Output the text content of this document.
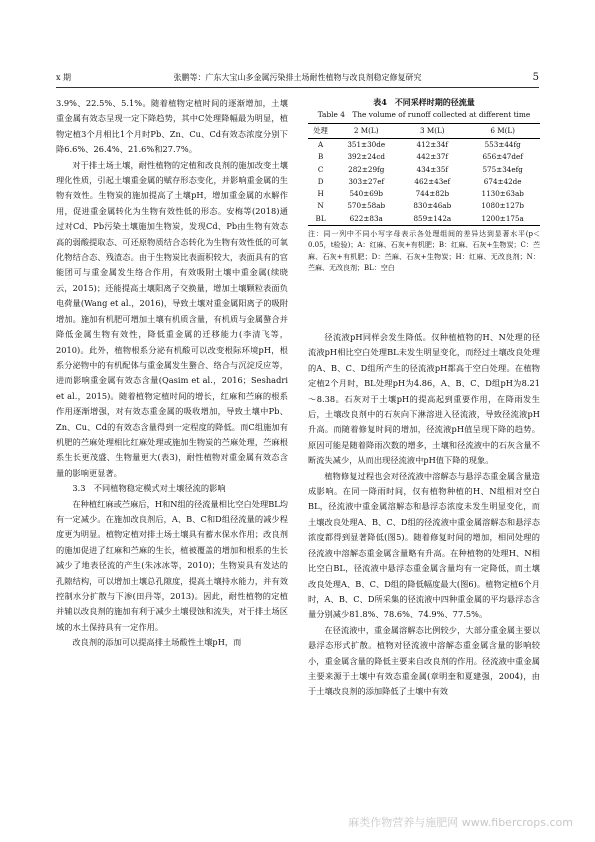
x 期	张鹏等：广东大宝山多金属污染排土场耐性植物与改良剂稳定修复研究	5

3.9%、22.5%、5.1%。随着植物定植时间的逐渐增加，土壤重金属有效态呈现一定下降趋势，其中C处理降幅最为明显，植物定植3个月相比1个月时Pb、Zn、Cu、Cd有效态浓度分别下降6.6%、26.4%、21.6%和27.7%。

对于排土场土壤，耐性植物的定植和改良剂的施加改变土壤理化性质，引起土壤重金属的赋存形态变化，并影响重金属的生物有效性。生物炭的施加提高了土壤pH，增加重金属的水解作用，促进重金属转化为生物有效性低的形态。安梅等(2018)通过对Cd、Pb污染土壤施加生物炭，发现Cd、Pb由生物有效态高的弱酸提取态、可还原物质结合态转化为生物有效性低的可氧化物结合态、残渣态。由于生物炭比表面积较大，表面具有的官能团可与重金属发生络合作用，有效吸附土壤中重金属(续晓云，2015)；还能提高土壤阳离子交换量，增加土壤颗粒表面负电荷量(Wang et al.，2016)，导致土壤对重金属阳离子的吸附增加。施加有机肥可增加土壤有机质含量，有机质与金属螯合并降低金属生物有效性，降低重金属的迁移能力(李清飞等，2010)。此外，植物根系分泌有机酸可以改变根际环境pH，根系分泌物中的有机配体与重金属发生螯合、络合与沉淀反应等，进而影响重金属有效态含量(Qasim et al.，2016；Seshadri et al.，2015)。随着植物定植时间的增长，红麻和苎麻的根系作用逐渐增强，对有效态重金属的吸收增加，导致土壤中Pb、Zn、Cu、Cd的有效态含量得到一定程度的降低。而C组施加有机肥的苎麻处理相比红麻处理或施加生物炭的苎麻处理，苎麻根系生长更茂盛、生物量更大(表3)，耐性植物对重金属有效态含量的影响更显著。

3.3　不同植物稳定模式对土壤径流的影响

在种植红麻或苎麻后，H和N组的径流量相比空白处理BL均有一定减少。在施加改良剂后，A、B、C和D组径流量的减少程度更为明显。植物定植对排土场土壤具有蓄水保水作用；改良剂的施加促进了红麻和苎麻的生长，植被覆盖的增加和根系的生长减少了地表径流的产生(朱冰冰等，2010)；生物炭具有发达的孔隙结构，可以增加土壤总孔隙度，提高土壤持水能力，并有效控制水分扩散与下渗(田丹等，2013)。因此，耐性植物的定植并辅以改良剂的施加有利于减少土壤侵蚀和流失，对于排土场区域的水土保持具有一定作用。

改良剂的添加可以提高排土场酸性土壤pH，而

表4　不同采样时期的径流量
Table 4　The volume of runoff collected at different time
处理	2 M(L)	3 M(L)	6 M(L)
A	351±30de	412±34f	553±44fg
B	392±24cd	442±37f	656±47def
C	282±29fg	434±35f	575±34efg
D	303±27ef	462±43ef	674±42de
H	540±69b	744±82b	1130±63ab
N	570±58ab	830±46ab	1080±127b
BL	622±83a	859±142a	1200±175a
注：同一列中不同小写字母表示各处理组间的差异达到显著水平(p＜0.05，t检验)；A：红麻、石灰+有机肥；B：红麻、石灰+生物炭；C：苎麻、石灰+有机肥；D：苎麻、石灰+生物炭；H：红麻、无改良剂；N：苎麻、无改良剂；BL：空白

径流液pH同样会发生降低。仅种植植物的H、N处理的径流液pH相比空白处理BL未发生明显变化，而经过土壤改良处理的A、B、C、D组所产生的径流液pH都高于空白处理。在植物定植2个月时，BL处理pH为4.86，A、B、C、D组pH为8.21～8.38。石灰对于土壤pH的提高起到重要作用，在降雨发生后，土壤改良剂中的石灰向下淋溶进入径流液，导致径流液pH升高。而随着修复时间的增加，径流液pH值呈现下降的趋势。原因可能是随着降雨次数的增多，土壤和径流液中的石灰含量不断流失减少，从而出现径流液中pH值下降的现象。

植物修复过程也会对径流液中溶解态与悬浮态重金属含量造成影响。在同一降雨时间，仅有植物种植的H、N组相对空白BL，径流液中重金属溶解态和悬浮态浓度未发生明显变化，而土壤改良处理A、B、C、D组的径流液中重金属溶解态和悬浮态浓度都得到显著降低(图5)。随着修复时间的增加，相同处理的径流液中溶解态重金属含量略有升高。在种植物的处理H、N相比空白BL，径流液中悬浮态重金属含量均有一定降低，而土壤改良处理A、B、C、D组的降低幅度最大(图6)。植物定植6个月时，A、B、C、D所采集的径流液中四种重金属的平均悬浮态含量分别减少81.8%、78.6%、74.9%、77.5%。

在径流液中，重金属溶解态比例较少，大部分重金属主要以悬浮态形式扩散。植物对径流液中溶解态重金属含量的影响较小，重金属含量的降低主要来自改良剂的作用。径流液中重金属主要来源于土壤中有效态重金属(章明奎和夏建强，2004)，由于土壤改良剂的添加降低了土壤中有效

麻类作物营养与施肥网 www.fibercrops.com
